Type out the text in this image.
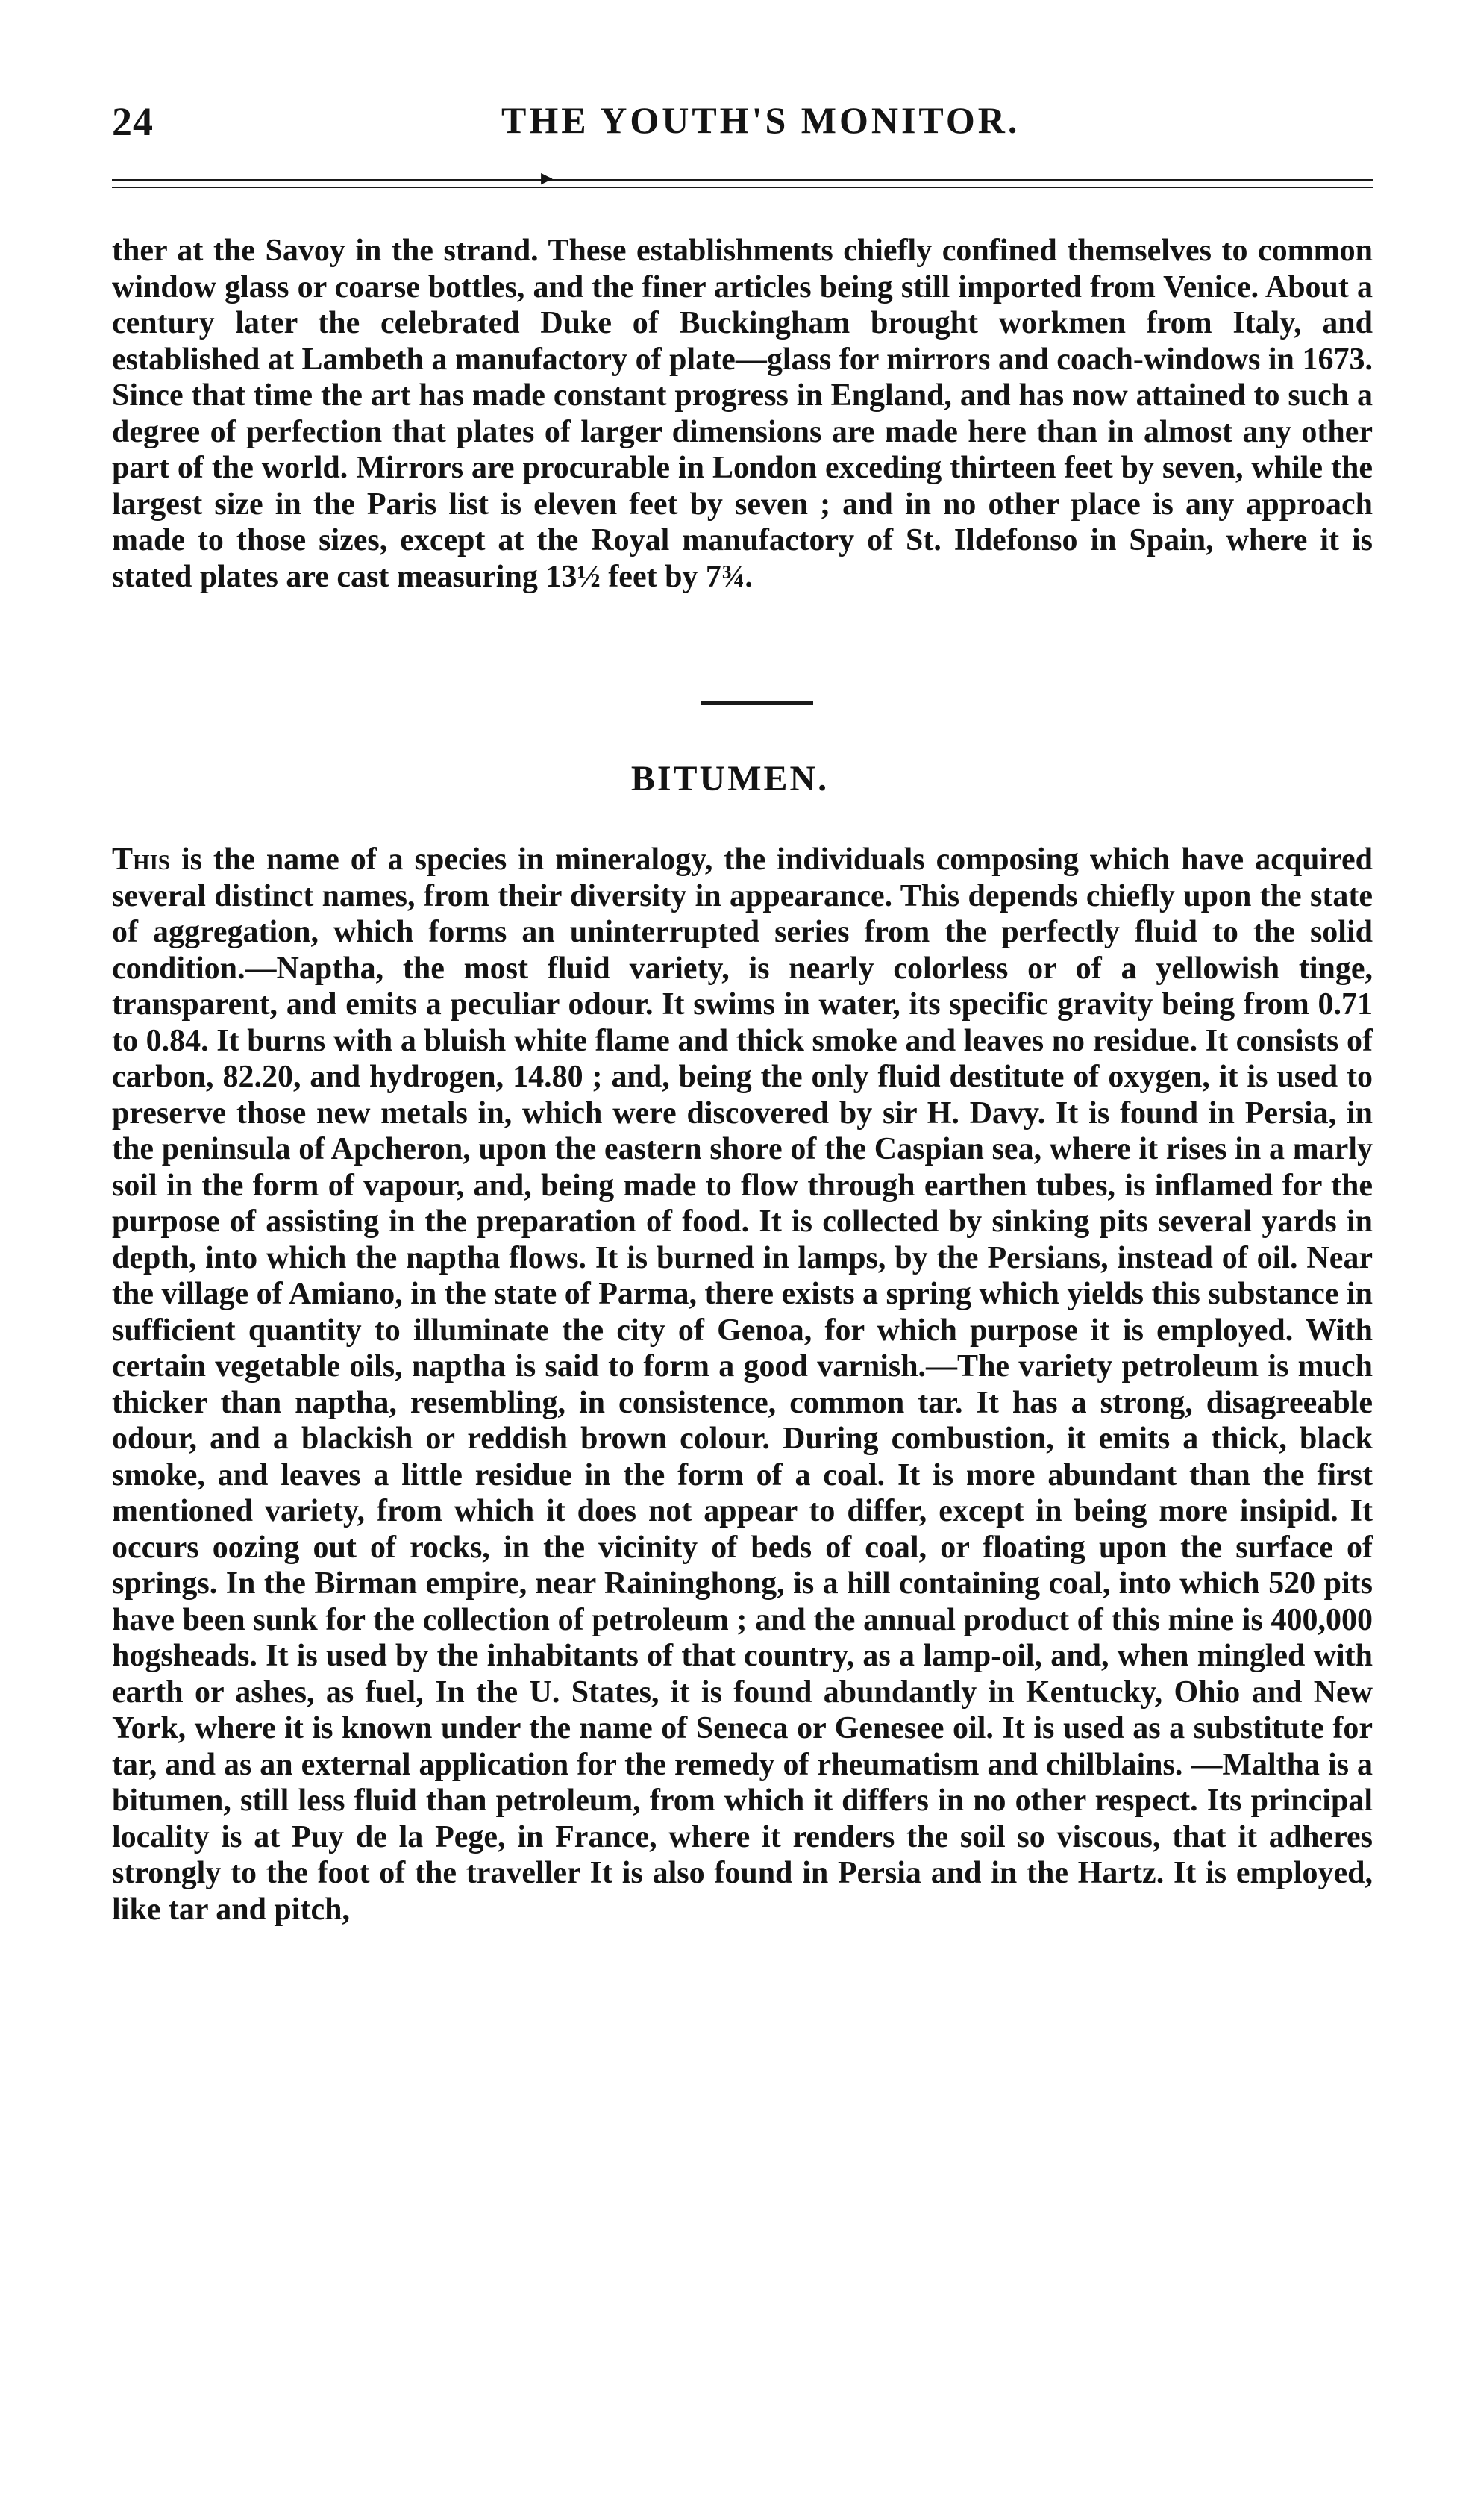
24	THE YOUTH'S MONITOR.
►

ther at the Savoy in the strand. These establishments chiefly confined themselves to common window glass or coarse bottles, and the finer articles being still imported from Venice. About a century later the celebrated Duke of Buckingham brought workmen from Italy, and established at Lambeth a manufactory of plate—glass for mirrors and coach-windows in 1673. Since that time the art has made constant progress in England, and has now attained to such a degree of perfection that plates of larger dimensions are made here than in almost any other part of the world. Mirrors are procurable in London exceding thirteen feet by seven, while the largest size in the Paris list is eleven feet by seven ; and in no other place is any approach made to those sizes, except at the Royal manufactory of St. Ildefonso in Spain, where it is stated plates are cast measuring 13½ feet by 7¾.

BITUMEN.

This is the name of a species in mineralogy, the individuals composing which have acquired several distinct names, from their diversity in appearance. This depends chiefly upon the state of aggregation, which forms an uninterrupted series from the perfectly fluid to the solid condition.—Naptha, the most fluid variety, is nearly colorless or of a yellowish tinge, transparent, and emits a peculiar odour. It swims in water, its specific gravity being from 0.71 to 0.84. It burns with a bluish white flame and thick smoke and leaves no residue. It consists of carbon, 82.20, and hydrogen, 14.80 ; and, being the only fluid destitute of oxygen, it is used to preserve those new metals in, which were discovered by sir H. Davy. It is found in Persia, in the peninsula of Apcheron, upon the eastern shore of the Caspian sea, where it rises in a marly soil in the form of vapour, and, being made to flow through earthen tubes, is inflamed for the purpose of assisting in the preparation of food. It is collected by sinking pits several yards in depth, into which the naptha flows. It is burned in lamps, by the Persians, instead of oil. Near the village of Amiano, in the state of Parma, there exists a spring which yields this substance in sufficient quantity to illuminate the city of Genoa, for which purpose it is employed. With certain vegetable oils, naptha is said to form a good varnish.—The variety petroleum is much thicker than naptha, resembling, in consistence, common tar. It has a strong, disagreeable odour, and a blackish or reddish brown colour. During combustion, it emits a thick, black smoke, and leaves a little residue in the form of a coal. It is more abundant than the first mentioned variety, from which it does not appear to differ, except in being more insipid. It occurs oozing out of rocks, in the vicinity of beds of coal, or floating upon the surface of springs. In the Birman empire, near Raininghong, is a hill containing coal, into which 520 pits have been sunk for the collection of petroleum ; and the annual product of this mine is 400,000 hogsheads. It is used by the inhabitants of that country, as a lamp-oil, and, when mingled with earth or ashes, as fuel, In the U. States, it is found abundantly in Kentucky, Ohio and New York, where it is known under the name of Seneca or Genesee oil. It is used as a substitute for tar, and as an external application for the remedy of rheumatism and chilblains. —Maltha is a bitumen, still less fluid than petroleum, from which it differs in no other respect. Its principal locality is at Puy de la Pege, in France, where it renders the soil so viscous, that it adheres strongly to the foot of the traveller It is also found in Persia and in the Hartz. It is employed, like tar and pitch,
